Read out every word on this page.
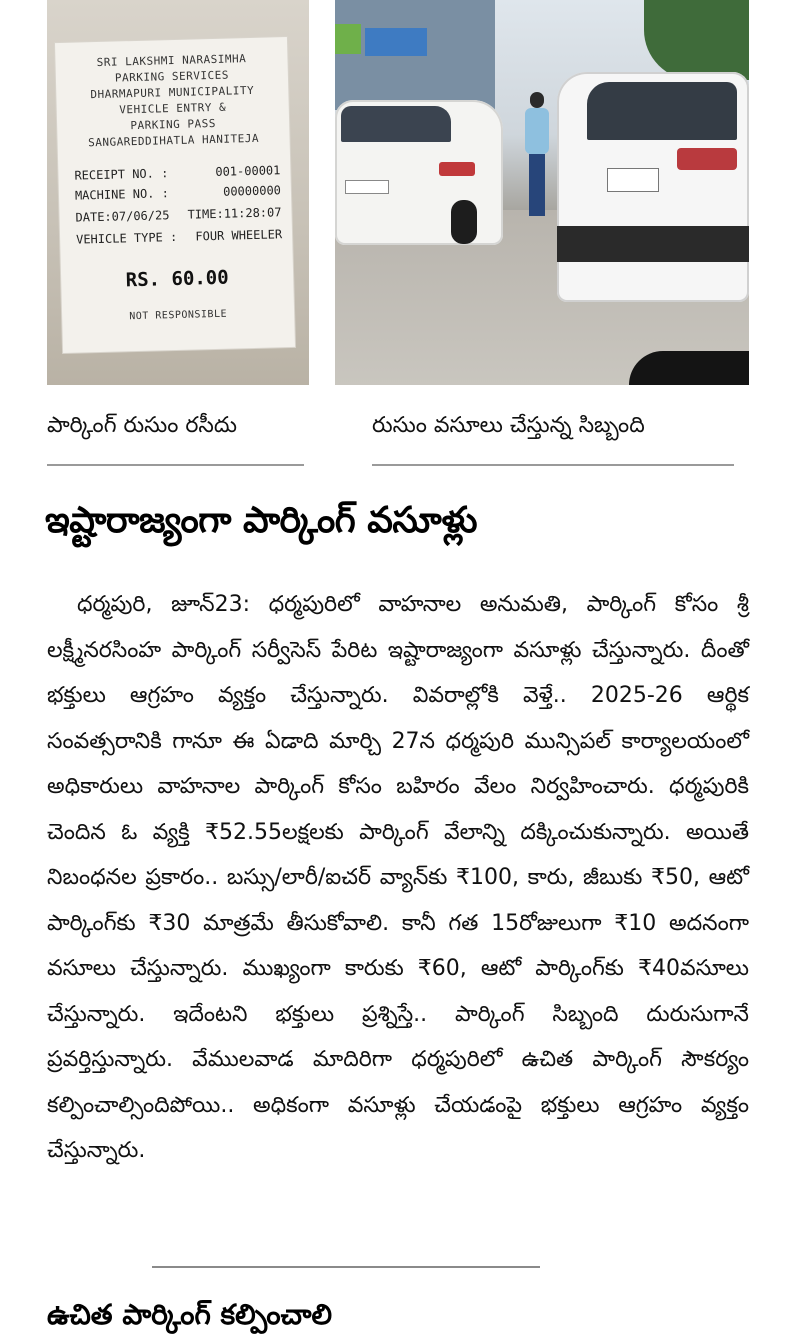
SRI LAKSHMI NARASIMHA
PARKING SERVICES
DHARMAPURI MUNICIPALITY
VEHICLE ENTRY &
PARKING PASS
SANGAREDDIHATLA HANITEJA
RECEIPT NO. :	001-00001
MACHINE NO. :	00000000
DATE:07/06/25 TIME:11:28:07
VEHICLE TYPE : FOUR WHEELER
RS. 60.00
NOT RESPONSIBLE
పార్కింగ్ రుసుం రసీదు	రుసుం వసూలు చేస్తున్న సిబ్బంది
ఇష్టారాజ్యంగా పార్కింగ్ వసూళ్లు

ధర్మపురి, జూన్23: ధర్మపురిలో వాహనాల అనుమతి, పార్కింగ్ కోసం శ్రీ లక్ష్మీనరసింహ పార్కింగ్ సర్వీసెస్ పేరిట ఇష్టారాజ్యంగా వసూళ్లు చేస్తున్నారు. దీంతో భక్తులు ఆగ్రహం వ్యక్తం చేస్తున్నారు. వివరాల్లోకి వెళ్తే.. 2025-26 ఆర్థిక సంవత్సరానికి గానూ ఈ ఏడాది మార్చి 27న ధర్మపురి మున్సిపల్ కార్యాలయంలో అధికారులు వాహనాల పార్కింగ్ కోసం బహిరం వేలం నిర్వహించారు. ధర్మపురికి చెందిన ఓ వ్యక్తి ₹52.55లక్షలకు పార్కింగ్ వేలాన్ని దక్కించుకున్నారు. అయితే నిబంధనల ప్రకారం.. బస్సు/లారీ/ఐచర్ వ్యాన్‌కు ₹100, కారు, జీబుకు ₹50, ఆటో పార్కింగ్‌కు ₹30 మాత్రమే తీసుకోవాలి. కానీ గత 15రోజులుగా ₹10 అదనంగా వసూలు చేస్తున్నారు. ముఖ్యంగా కారుకు ₹60, ఆటో పార్కింగ్‌కు ₹40వసూలు చేస్తున్నారు. ఇదేంటని భక్తులు ప్రశ్నిస్తే.. పార్కింగ్ సిబ్బంది దురుసుగానే ప్రవర్తిస్తున్నారు. వేములవాడ మాదిరిగా ధర్మపురిలో ఉచిత పార్కింగ్ సౌకర్యం కల్పించాల్సిందిపోయి.. అధికంగా వసూళ్లు చేయడంపై భక్తులు ఆగ్రహం వ్యక్తం చేస్తున్నారు.

ఉచిత పార్కింగ్ కల్పించాలి
